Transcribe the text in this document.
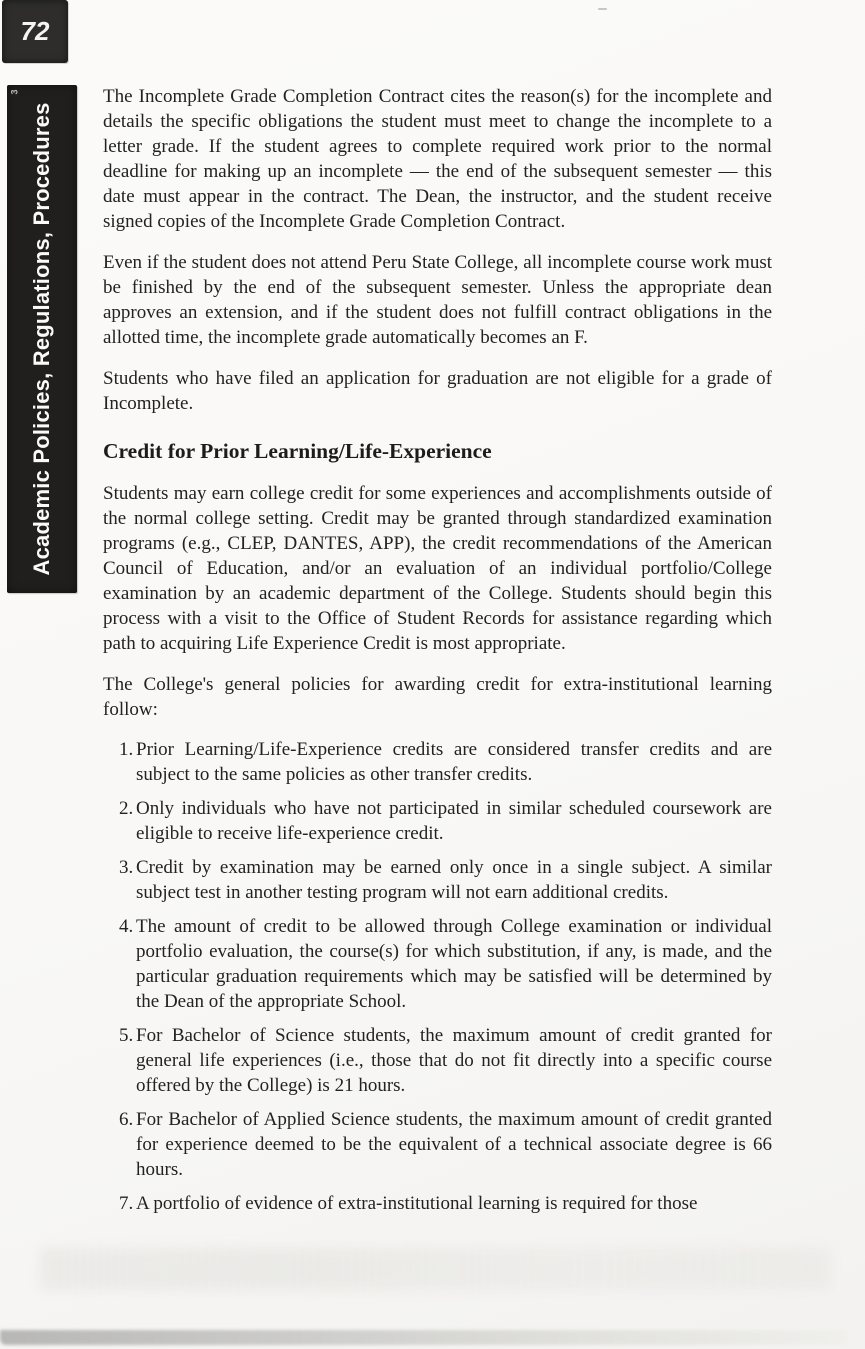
72
3
Academic Policies, Regulations, Procedures

The Incomplete Grade Completion Contract cites the reason(s) for the incomplete and details the specific obligations the student must meet to change the incomplete to a letter grade. If the student agrees to complete required work prior to the normal deadline for making up an incomplete — the end of the subsequent semester — this date must appear in the contract. The Dean, the instructor, and the student receive signed copies of the Incomplete Grade Completion Contract.

Even if the student does not attend Peru State College, all incomplete course work must be finished by the end of the subsequent semester. Unless the appropriate dean approves an extension, and if the student does not fulfill contract obligations in the allotted time, the incomplete grade automatically becomes an F.

Students who have filed an application for graduation are not eligible for a grade of Incomplete.

Credit for Prior Learning/Life-Experience

Students may earn college credit for some experiences and accomplishments outside of the normal college setting. Credit may be granted through standardized examination programs (e.g., CLEP, DANTES, APP), the credit recommendations of the American Council of Education, and/or an evaluation of an individual portfolio/College examination by an academic department of the College. Students should begin this process with a visit to the Office of Student Records for assistance regarding which path to acquiring Life Experience Credit is most appropriate.

The College's general policies for awarding credit for extra-institutional learning follow:

1. Prior Learning/Life-Experience credits are considered transfer credits and are subject to the same policies as other transfer credits.
2. Only individuals who have not participated in similar scheduled coursework are eligible to receive life-experience credit.
3. Credit by examination may be earned only once in a single subject. A similar subject test in another testing program will not earn additional credits.
4. The amount of credit to be allowed through College examination or individual portfolio evaluation, the course(s) for which substitution, if any, is made, and the particular graduation requirements which may be satisfied will be determined by the Dean of the appropriate School.
5. For Bachelor of Science students, the maximum amount of credit granted for general life experiences (i.e., those that do not fit directly into a specific course offered by the College) is 21 hours.
6. For Bachelor of Applied Science students, the maximum amount of credit granted for experience deemed to be the equivalent of a technical associate degree is 66 hours.
7. A portfolio of evidence of extra-institutional learning is required for those
